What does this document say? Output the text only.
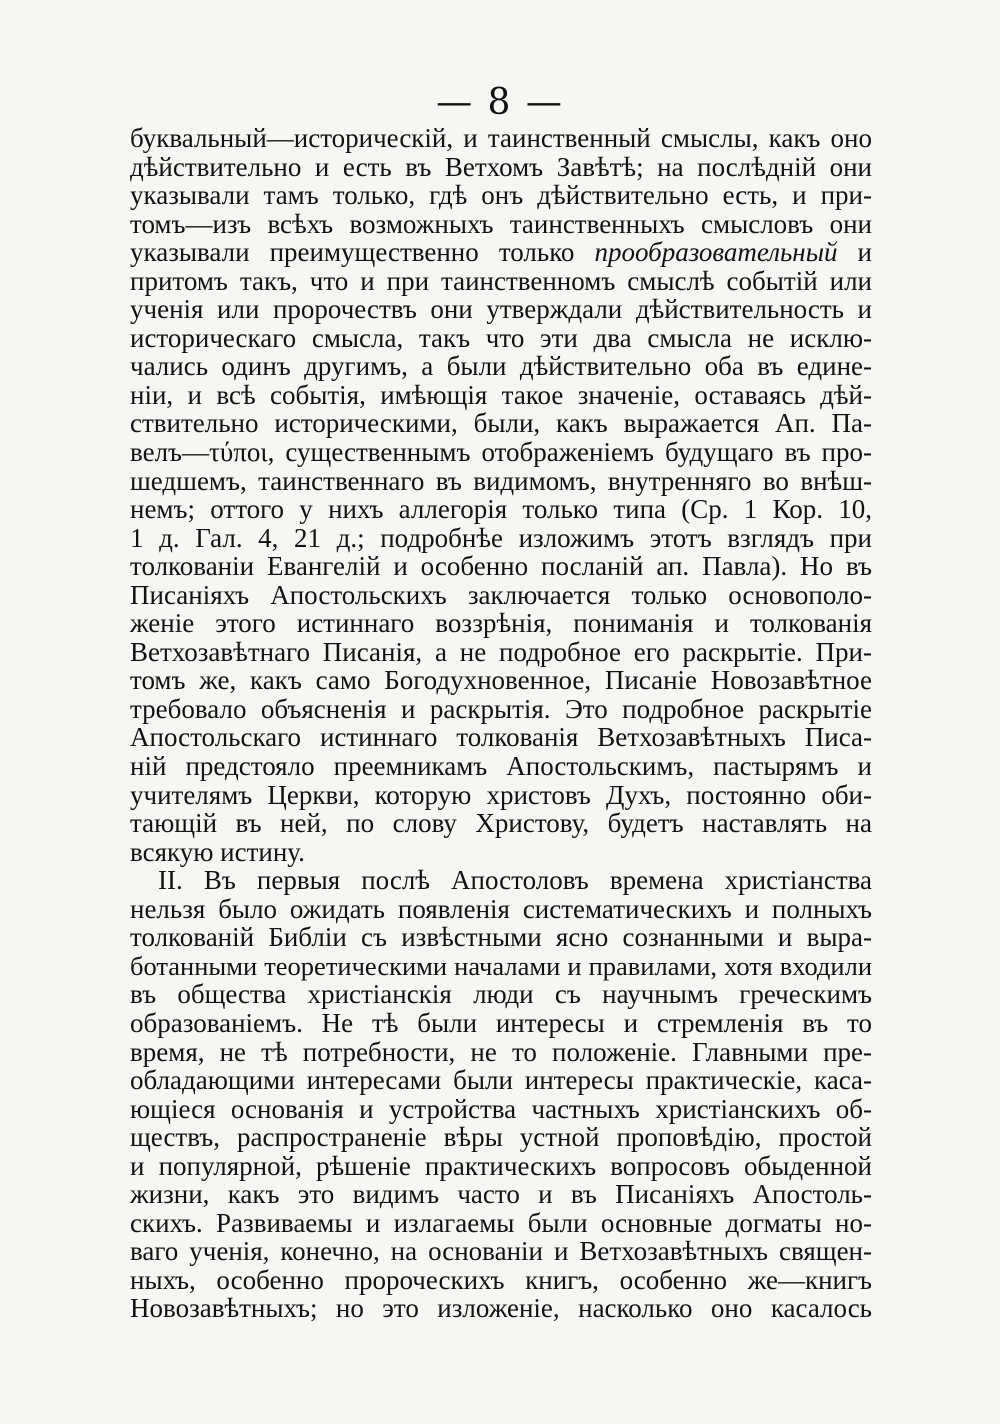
— 8 —
буквальный—историческій, и таинственный смыслы, какъ оно
дѣйствительно и есть въ Ветхомъ Завѣтѣ; на послѣдній они
указывали тамъ только, гдѣ онъ дѣйствительно есть, и при-
томъ—изъ всѣхъ возможныхъ таинственныхъ смысловъ они
указывали преимущественно только прообразовательный и
притомъ такъ, что и при таинственномъ смыслѣ событій или
ученія или пророчествъ они утверждали дѣйствительность и
историческаго смысла, такъ что эти два смысла не исклю-
чались одинъ другимъ, а были дѣйствительно оба въ едине-
ніи, и всѣ событія, имѣющія такое значеніе, оставаясь дѣй-
ствительно историческими, были, какъ выражается Ап. Па-
велъ—τύποι, существеннымъ отображеніемъ будущаго въ про-
шедшемъ, таинственнаго въ видимомъ, внутренняго во внѣш-
немъ; оттого у нихъ аллегорія только типа (Ср. 1 Кор. 10,
1 д. Гал. 4, 21 д.; подробнѣе изложимъ этотъ взглядъ при
толкованіи Евангелій и особенно посланій ап. Павла). Но въ
Писаніяхъ Апостольскихъ заключается только основополо-
женіе этого истиннаго воззрѣнія, пониманія и толкованія
Ветхозавѣтнаго Писанія, а не подробное его раскрытіе. При-
томъ же, какъ само Богодухновенное, Писаніе Новозавѣтное
требовало объясненія и раскрытія. Это подробное раскрытіе
Апостольскаго истиннаго толкованія Ветхозавѣтныхъ Писа-
ній предстояло преемникамъ Апостольскимъ, пастырямъ и
учителямъ Церкви, которую христовъ Духъ, постоянно оби-
тающій въ ней, по слову Христову, будетъ наставлять на
всякую истину.
II. Въ первыя послѣ Апостоловъ времена христіанства
нельзя было ожидать появленія систематическихъ и полныхъ
толкованій Библіи съ извѣстными ясно сознанными и выра-
ботанными теоретическими началами и правилами, хотя входили
въ общества христіанскія люди съ научнымъ греческимъ
образованіемъ. Не тѣ были интересы и стремленія въ то
время, не тѣ потребности, не то положеніе. Главными пре-
обладающими интересами были интересы практическіе, каса-
ющіеся основанія и устройства частныхъ христіанскихъ об-
ществъ, распространеніе вѣры устной проповѣдію, простой
и популярной, рѣшеніе практическихъ вопросовъ обыденной
жизни, какъ это видимъ часто и въ Писаніяхъ Апостоль-
скихъ. Развиваемы и излагаемы были основные догматы но-
ваго ученія, конечно, на основаніи и Ветхозавѣтныхъ священ-
ныхъ, особенно пророческихъ книгъ, особенно же—книгъ
Новозавѣтныхъ; но это изложеніе, насколько оно касалось
